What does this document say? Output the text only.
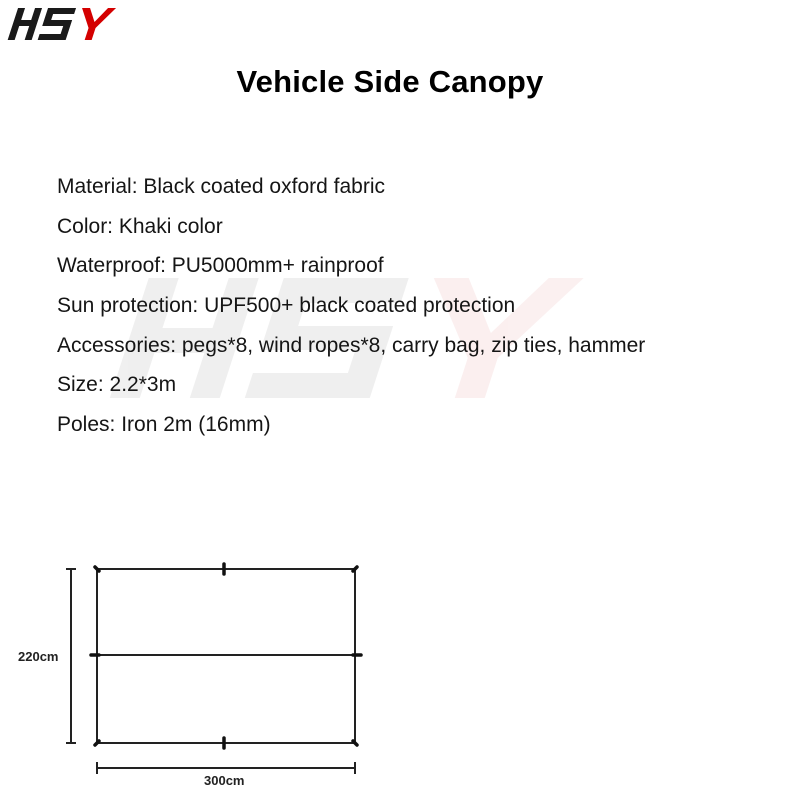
Vehicle Side Canopy
Material: Black coated oxford fabric
Color: Khaki color
Waterproof: PU5000mm+ rainproof
Sun protection: UPF500+ black coated protection
Accessories: pegs*8, wind ropes*8, carry bag, zip ties, hammer
Size: 2.2*3m
Poles: Iron 2m (16mm)
220cm
300cm
